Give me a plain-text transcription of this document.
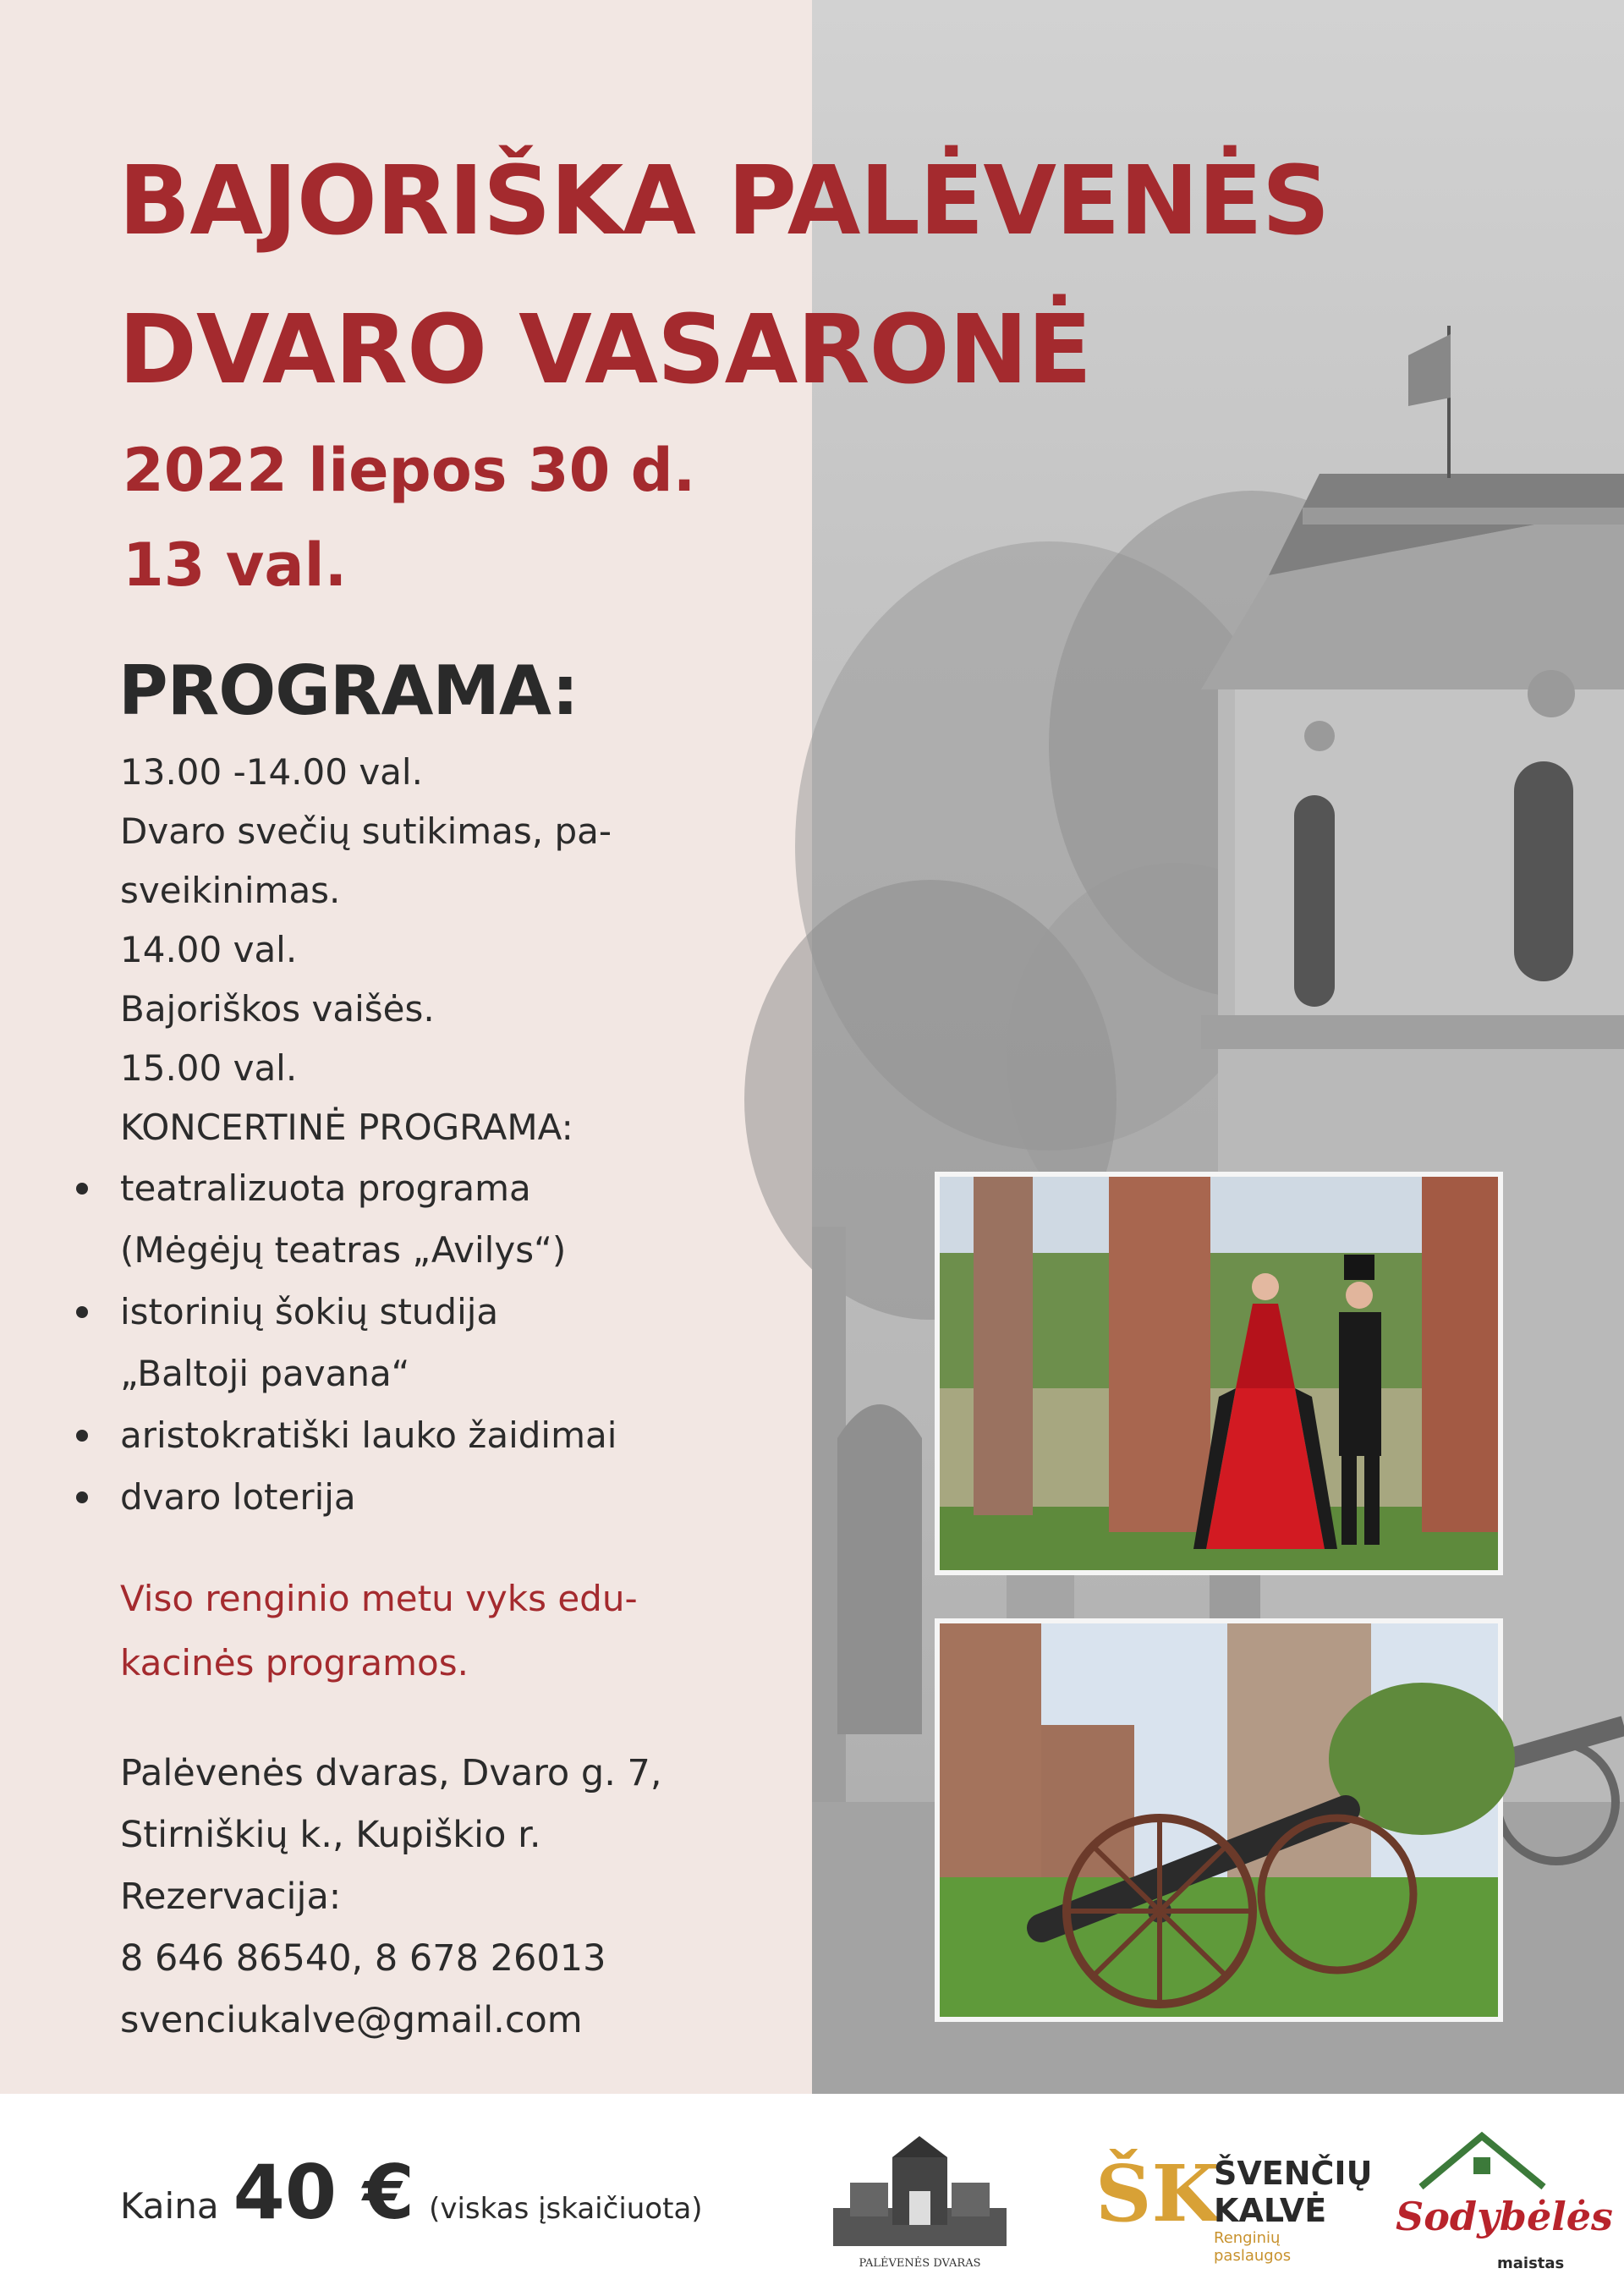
BAJORIŠKA PALĖVENĖS
DVARO VASARONĖ
2022 liepos 30 d.
13 val.
PROGRAMA:
13.00 -14.00 val.
Dvaro svečių sutikimas, pa-
sveikinimas.
14.00 val.
Bajoriškos vaišės.
15.00 val.
KONCERTINĖ PROGRAMA:
teatralizuota programa
(Mėgėjų teatras „Avilys“)
istorinių šokių studija
„Baltoji pavana“
aristokratiški lauko žaidimai
dvaro loterija
Viso renginio metu vyks edu-
kacinės programos.
Palėvenės dvaras, Dvaro g. 7,
Stirniškių k., Kupiškio r.
Rezervacija:
8 646 86540, 8 678 26013
svenciukalve@gmail.com
Kaina 40 € (viskas įskaičiuota)
PALĖVENĖS DVARAS
ŠK
ŠVENČIŲ
KALVĖ
Renginių paslaugos
Sodybėlės
maistas
